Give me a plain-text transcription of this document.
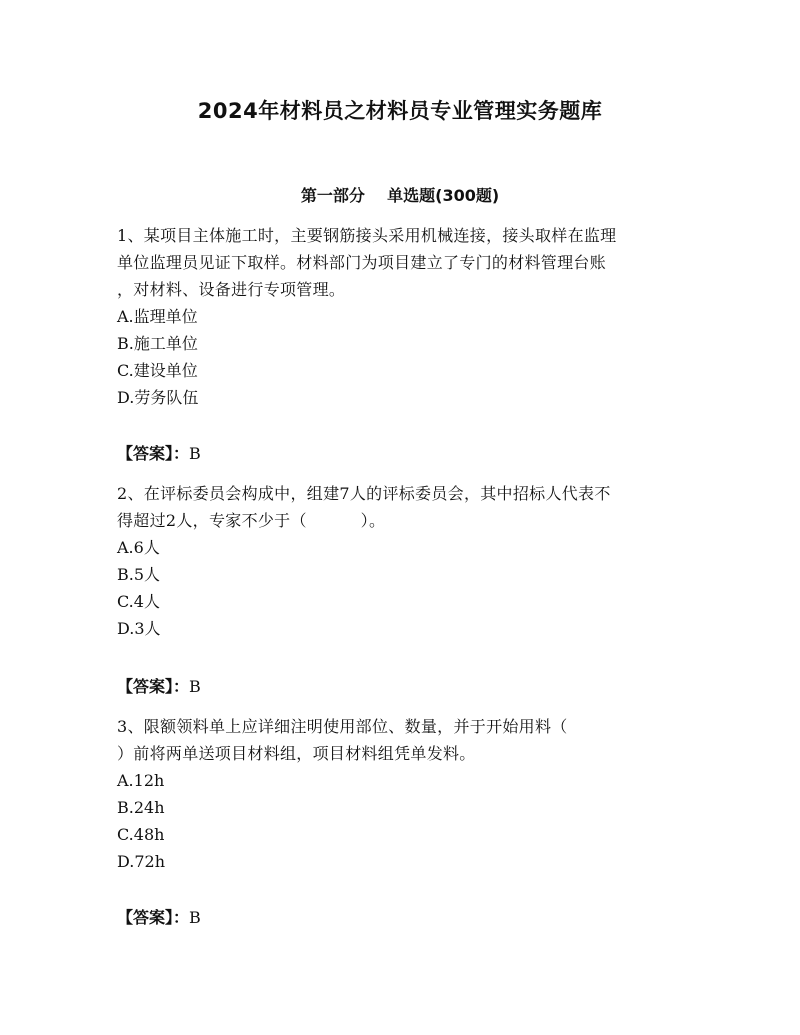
2024年材料员之材料员专业管理实务题库
第一部分    单选题(300题)
1、某项目主体施工时，主要钢筋接头采用机械连接，接头取样在监理
单位监理员见证下取样。材料部门为项目建立了专门的材料管理台账
，对材料、设备进行专项管理。
A.监理单位
B.施工单位
C.建设单位
D.劳务队伍
【答案】：B
2、在评标委员会构成中，组建7人的评标委员会，其中招标人代表不
得超过2人，专家不少于（          ）。
A.6人
B.5人
C.4人
D.3人
【答案】：B
3、限额领料单上应详细注明使用部位、数量，并于开始用料（
）前将两单送项目材料组，项目材料组凭单发料。
A.12h
B.24h
C.48h
D.72h
【答案】：B
